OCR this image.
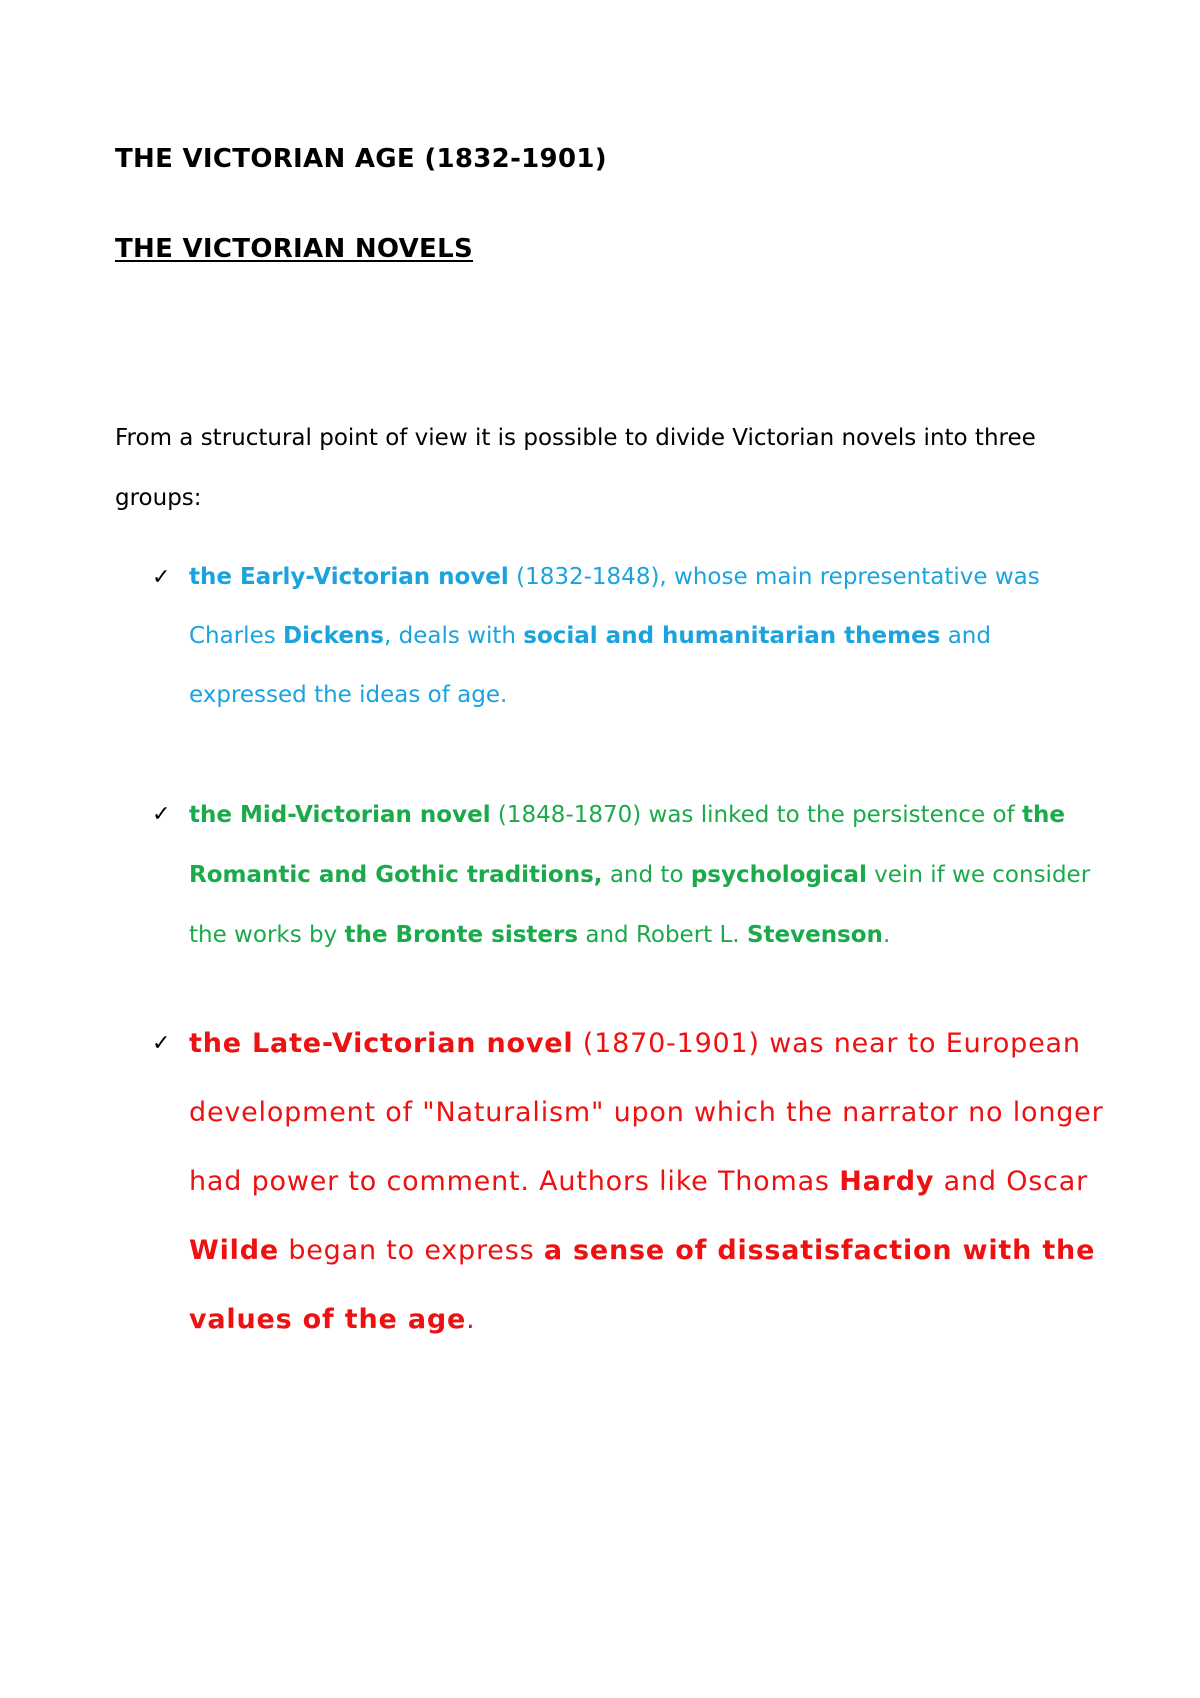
THE VICTORIAN AGE (1832-1901)
THE VICTORIAN NOVELS

From a structural point of view it is possible to divide Victorian novels into three groups:

✓ the Early-Victorian novel (1832-1848), whose main representative was Charles Dickens, deals with social and humanitarian themes and expressed the ideas of age.
✓ the Mid-Victorian novel (1848-1870) was linked to the persistence of the Romantic and Gothic traditions, and to psychological vein if we consider the works by the Bronte sisters and Robert L. Stevenson.
✓ the Late-Victorian novel (1870-1901) was near to European development of "Naturalism" upon which the narrator no longer had power to comment. Authors like Thomas Hardy and Oscar Wilde began to express a sense of dissatisfaction with the values of the age.
